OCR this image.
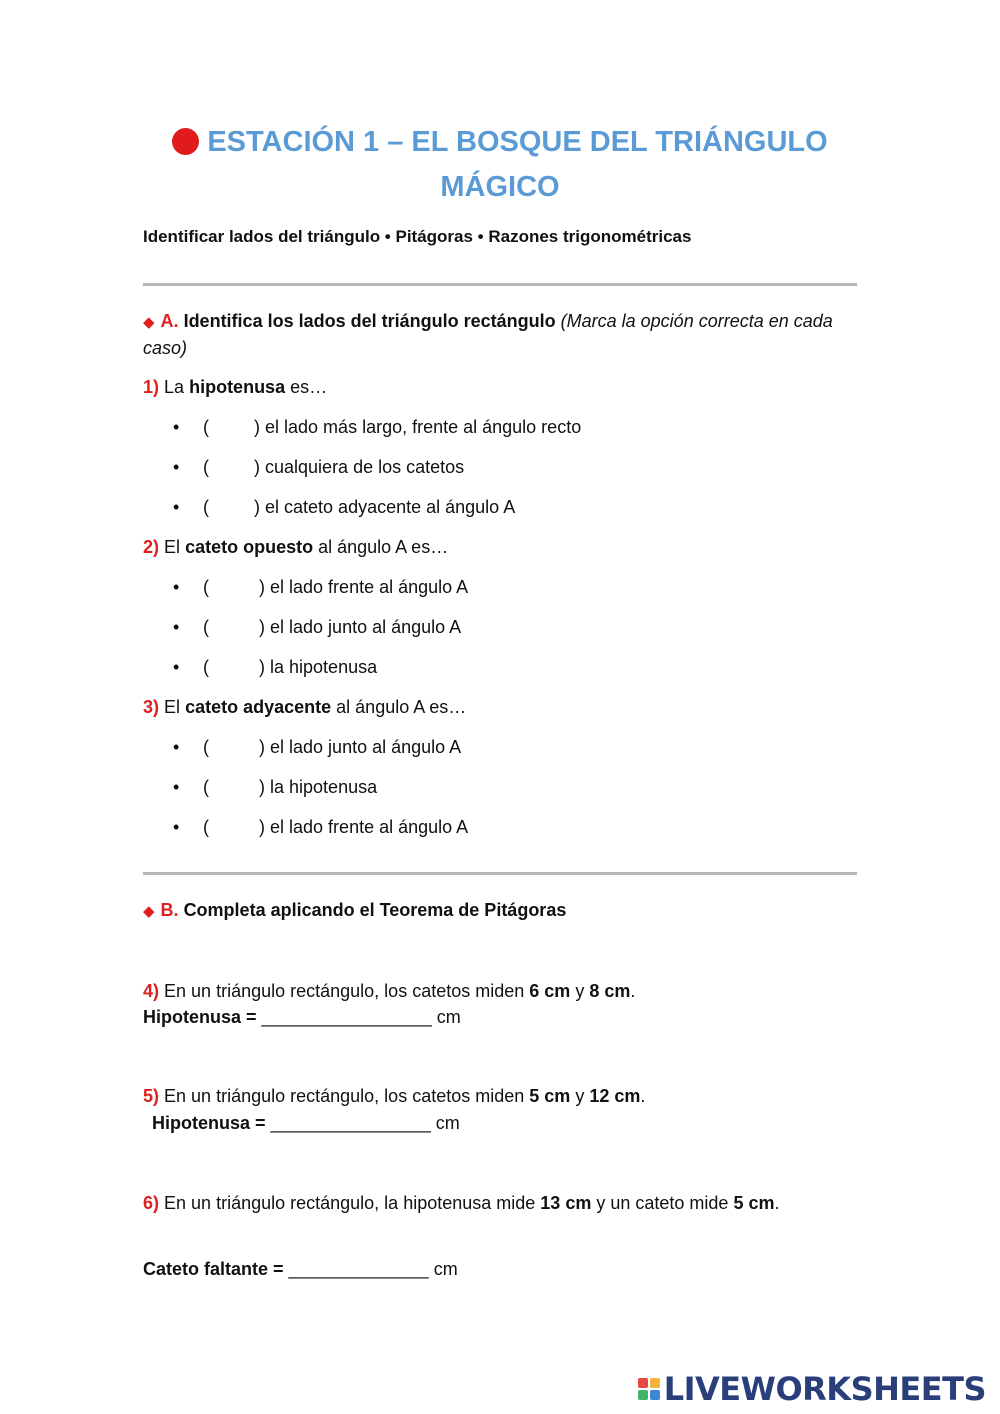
ESTACIÓN 1 – EL BOSQUE DEL TRIÁNGULO
MÁGICO
Identificar lados del triángulo • Pitágoras • Razones trigonométricas
◆ A. Identifica los lados del triángulo rectángulo (Marca la opción correcta en cada
caso)
1) La hipotenusa es…
• (         ) el lado más largo, frente al ángulo recto
• (         ) cualquiera de los catetos
• (         ) el cateto adyacente al ángulo A
2) El cateto opuesto al ángulo A es…
• (          ) el lado frente al ángulo A
• (          ) el lado junto al ángulo A
• (          ) la hipotenusa
3) El cateto adyacente al ángulo A es…
• (          ) el lado junto al ángulo A
• (          ) la hipotenusa
• (          ) el lado frente al ángulo A
◆ B. Completa aplicando el Teorema de Pitágoras
4) En un triángulo rectángulo, los catetos miden 6 cm y 8 cm.
Hipotenusa = _________________ cm
5) En un triángulo rectángulo, los catetos miden 5 cm y 12 cm.
Hipotenusa = ________________ cm
6) En un triángulo rectángulo, la hipotenusa mide 13 cm y un cateto mide 5 cm.
Cateto faltante = ______________ cm
LIVEWORKSHEETS
